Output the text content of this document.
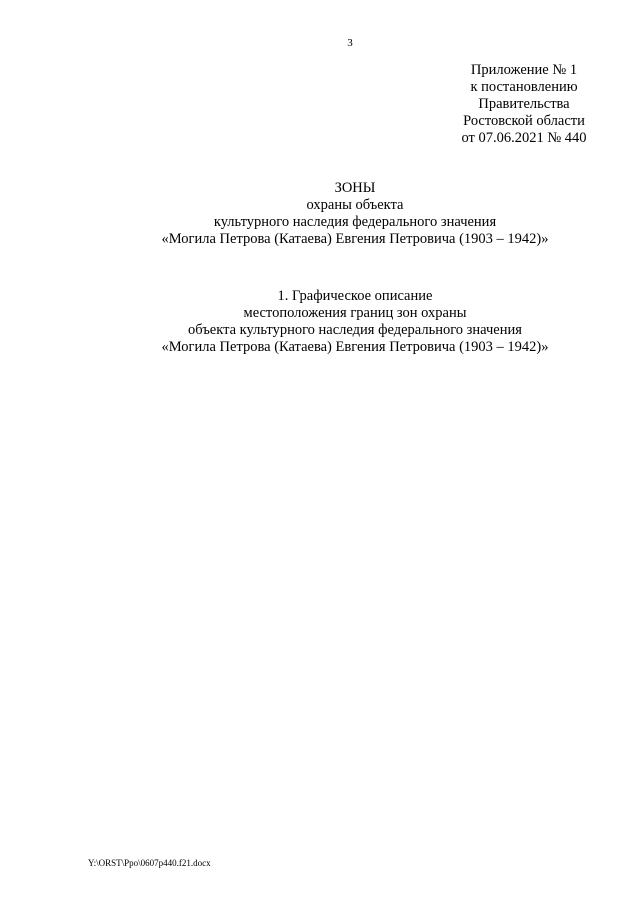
3
Приложение № 1
к постановлению
Правительства
Ростовской области
от 07.06.2021 № 440
ЗОНЫ
охраны объекта
культурного наследия федерального значения
«Могила Петрова (Катаева) Евгения Петровича (1903 – 1942)»
1. Графическое описание
местоположения границ зон охраны
объекта культурного наследия федерального значения
«Могила Петрова (Катаева) Евгения Петровича (1903 – 1942)»
Y:\ORST\Ppo\0607p440.f21.docx
